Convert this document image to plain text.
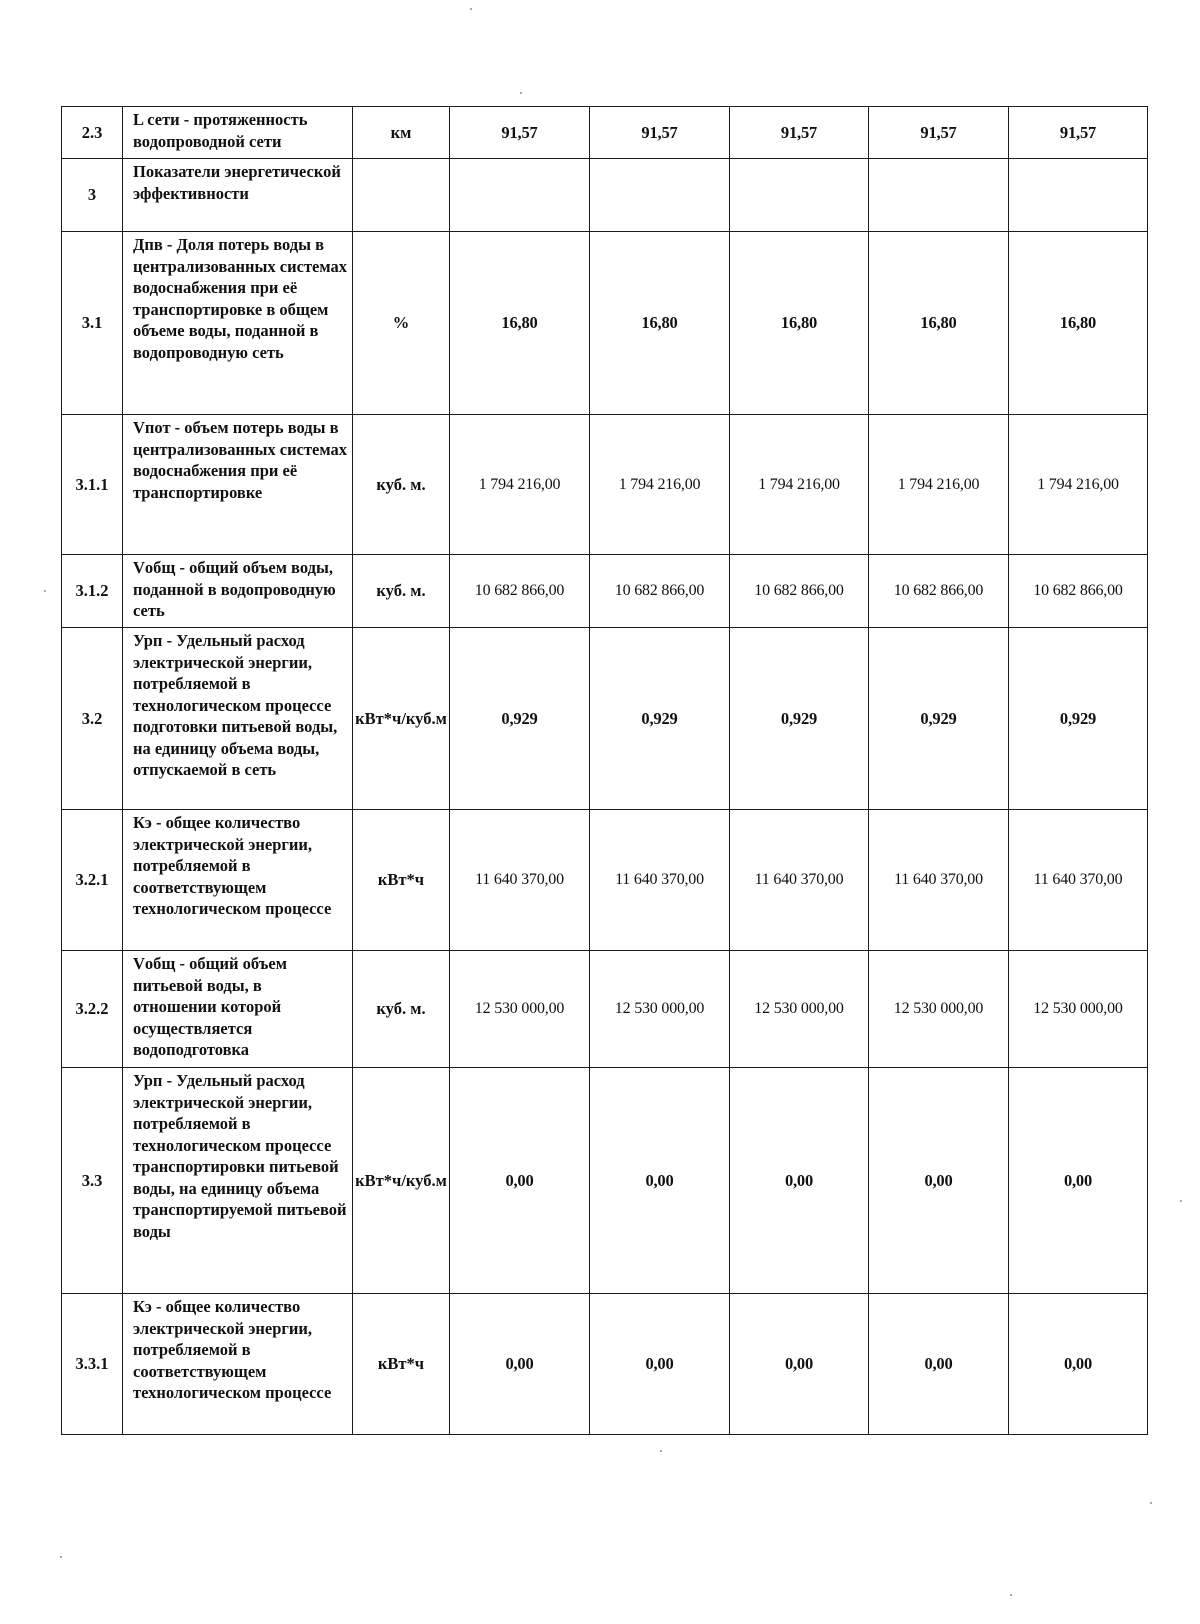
2.3	L сети - протяженность водопроводной сети	км	91,57	91,57	91,57	91,57	91,57
3	Показатели энергетической эффективности						
3.1	Дпв - Доля потерь воды в централизованных системах водоснабжения при её транспортировке в общем объеме воды, поданной в водопроводную сеть	%	16,80	16,80	16,80	16,80	16,80
3.1.1	Vпот - объем потерь воды в централизованных системах водоснабжения при её транспортировке	куб. м.	1 794 216,00	1 794 216,00	1 794 216,00	1 794 216,00	1 794 216,00
3.1.2	Vобщ - общий объем воды, поданной в водопроводную сеть	куб. м.	10 682 866,00	10 682 866,00	10 682 866,00	10 682 866,00	10 682 866,00
3.2	Урп - Удельный расход электрической энергии, потребляемой в технологическом процессе подготовки питьевой воды, на единицу объема воды, отпускаемой в сеть	кВт*ч/куб.м	0,929	0,929	0,929	0,929	0,929
3.2.1	Кэ - общее количество электрической энергии, потребляемой в соответствующем технологическом процессе	кВт*ч	11 640 370,00	11 640 370,00	11 640 370,00	11 640 370,00	11 640 370,00
3.2.2	Vобщ - общий объем питьевой воды, в отношении которой осуществляется водоподготовка	куб. м.	12 530 000,00	12 530 000,00	12 530 000,00	12 530 000,00	12 530 000,00
3.3	Урп - Удельный расход электрической энергии, потребляемой в технологическом процессе транспортировки питьевой воды, на единицу объема транспортируемой питьевой воды	кВт*ч/куб.м	0,00	0,00	0,00	0,00	0,00
3.3.1	Кэ - общее количество электрической энергии, потребляемой в соответствующем технологическом процессе	кВт*ч	0,00	0,00	0,00	0,00	0,00
